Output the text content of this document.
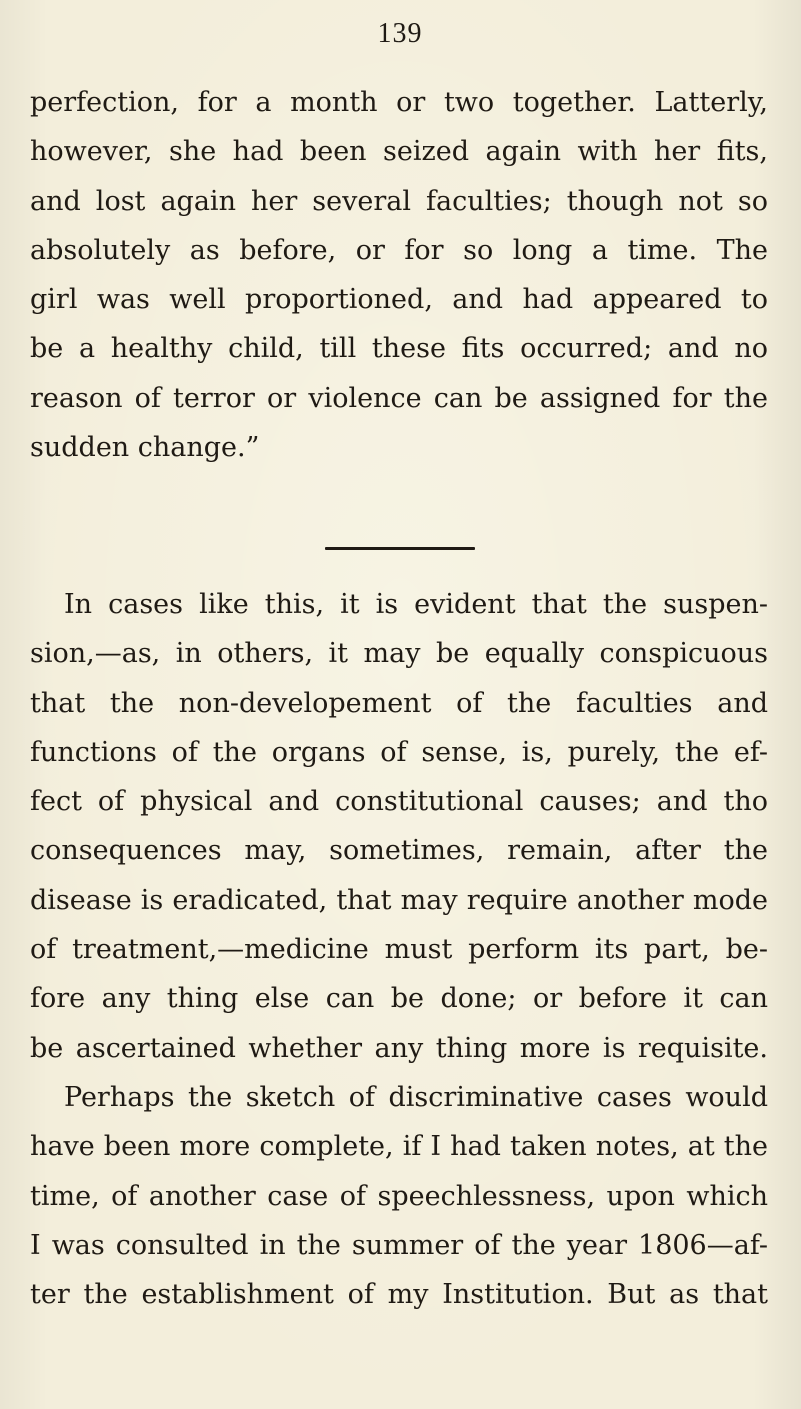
139
perfection, for a month or two together. Latterly,
however, she had been seized again with her fits,
and lost again her several faculties; though not so
absolutely as before, or for so long a time. The
girl was well proportioned, and had appeared to
be a healthy child, till these fits occurred; and no
reason of terror or violence can be assigned for the
sudden change.”
In cases like this, it is evident that the suspen-
sion,—as, in others, it may be equally conspicuous
that the non-developement of the faculties and
functions of the organs of sense, is, purely, the ef-
fect of physical and constitutional causes; and tho
consequences may, sometimes, remain, after the
disease is eradicated, that may require another mode
of treatment,—medicine must perform its part, be-
fore any thing else can be done; or before it can
be ascertained whether any thing more is requisite.
Perhaps the sketch of discriminative cases would
have been more complete, if I had taken notes, at the
time, of another case of speechlessness, upon which
I was consulted in the summer of the year 1806—af-
ter the establishment of my Institution. But as that
